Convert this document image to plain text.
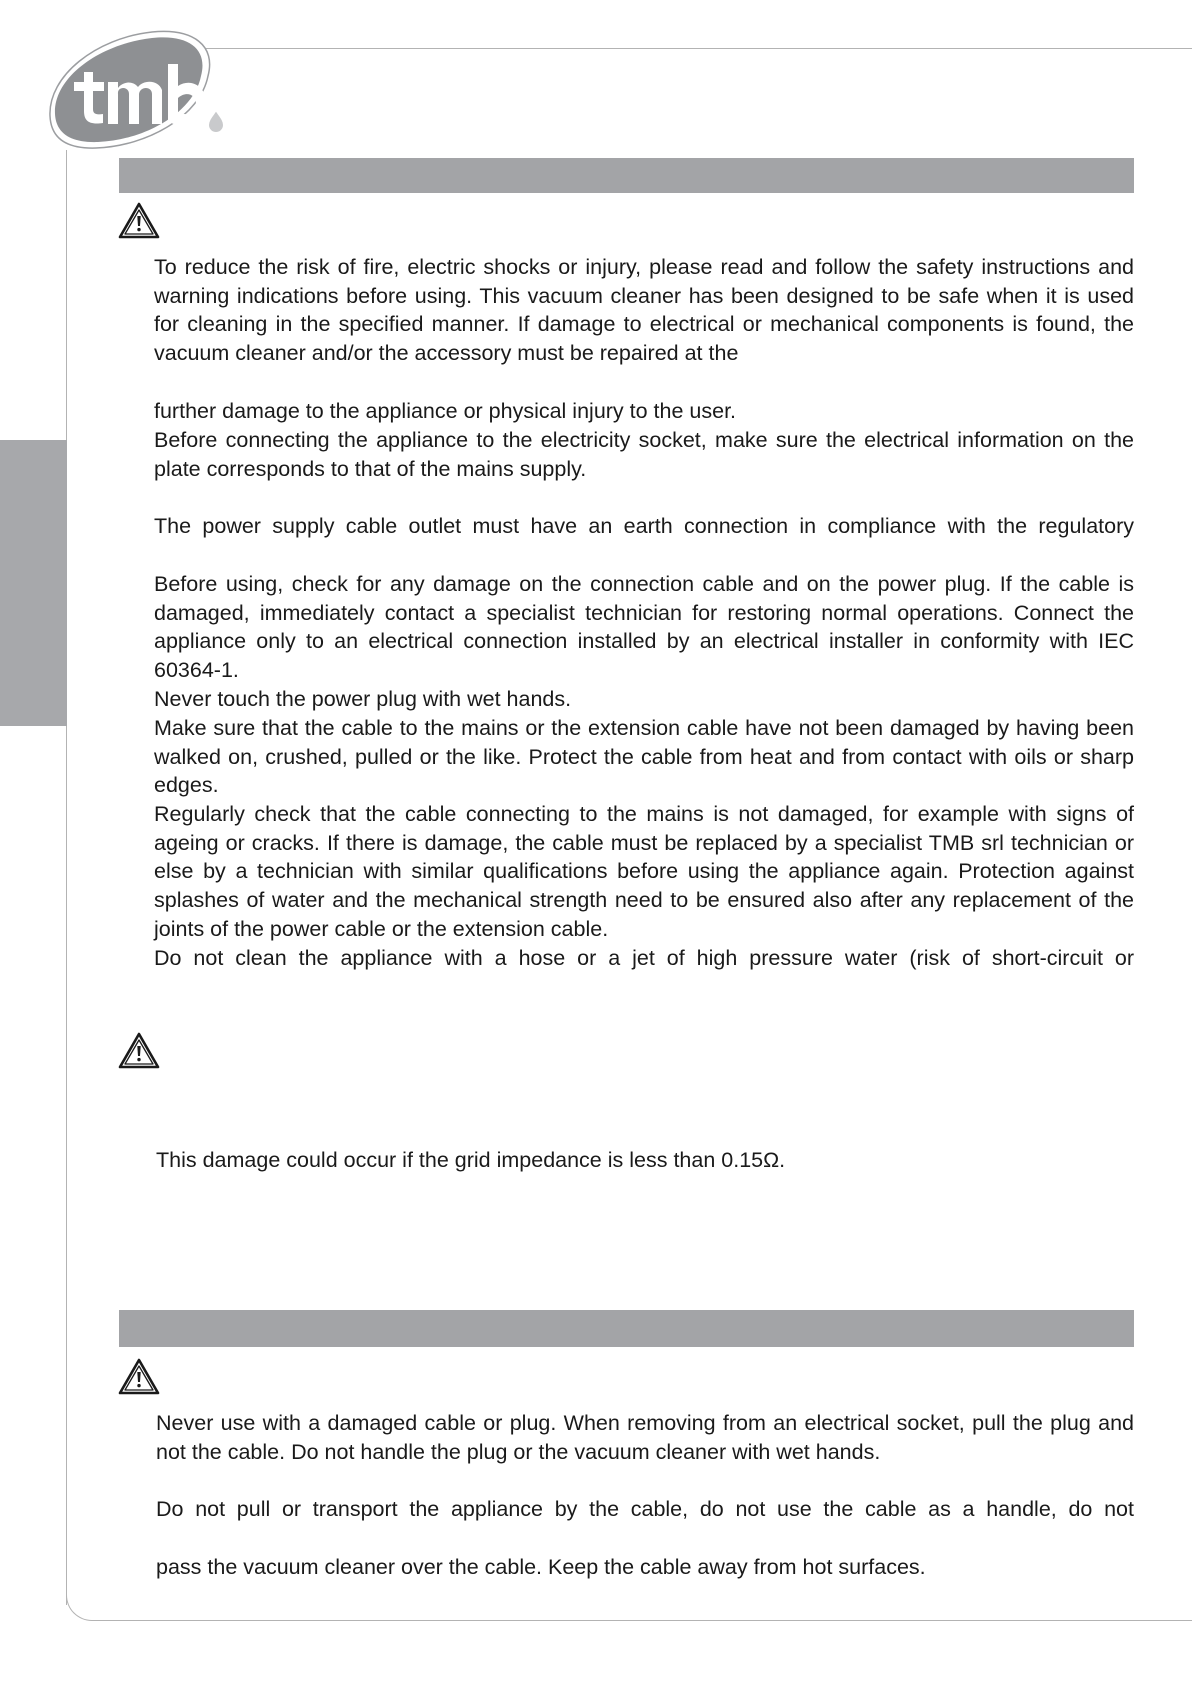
To reduce the risk of fire, electric shocks or injury, please read and follow the safety instructions and warning indications before using. This vacuum cleaner has been designed to be safe when it is used for cleaning in the specified manner. If damage to electrical or mechanical components is found, the vacuum cleaner and/or the accessory must be repaired at the

further damage to the appliance or physical injury to the user.

Before connecting the appliance to the electricity socket, make sure the electrical information on the plate corresponds to that of the mains supply.

The power supply cable outlet must have an earth connection in compliance with the regulatory

Before using, check for any damage on the connection cable and on the power plug. If the cable is damaged, immediately contact a specialist technician for restoring normal operations. Connect the appliance only to an electrical connection installed by an electrical installer in conformity with IEC 60364-1.

Never touch the power plug with wet hands.

Make sure that the cable to the mains or the extension cable have not been damaged by having been walked on, crushed, pulled or the like. Protect the cable from heat and from contact with oils or sharp edges.

Regularly check that the cable connecting to the mains is not damaged, for example with signs of ageing or cracks. If there is damage, the cable must be replaced by a specialist TMB srl technician or else by a technician with similar qualifications before using the appliance again. Protection against splashes of water and the mechanical strength need to be ensured also after any replacement of the joints of the power cable or the extension cable.

Do not clean the appliance with a hose or a jet of high pressure water (risk of short-circuit or

This damage could occur if the grid impedance is less than 0.15Ω.

Never use with a damaged cable or plug. When removing from an electrical socket, pull the plug and not the cable. Do not handle the plug or the vacuum cleaner with wet hands.

Do not pull or transport the appliance by the cable, do not use the cable as a handle, do not

pass the vacuum cleaner over the cable. Keep the cable away from hot surfaces.
